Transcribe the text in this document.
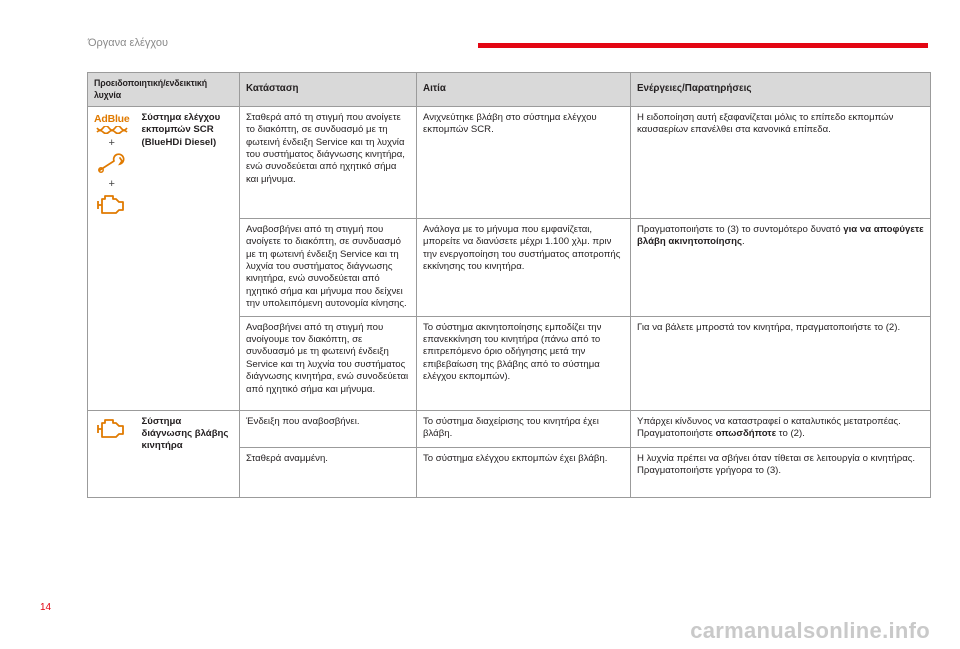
Όργανα ελέγχου
Προειδοποιητική/ενδεικτική λυχνία		Κατάσταση	Αιτία	Ενέργειες/Παρατηρήσεις
AdBlue
+
+	Σύστημα ελέγχου εκπομπών SCR (BlueHDi Diesel)	Σταθερά από τη στιγμή που ανοίγετε το διακόπτη, σε συνδυασμό με τη φωτεινή ένδειξη Service και τη λυχνία του συστήματος διάγνωσης κινητήρα, ενώ συνοδεύεται από ηχητικό σήμα και μήνυμα.	Ανιχνεύτηκε βλάβη στο σύστημα ελέγχου εκπομπών SCR.	Η ειδοποίηση αυτή εξαφανίζεται μόλις το επίπεδο εκπομπών καυσαερίων επανέλθει στα κανονικά επίπεδα.
		Αναβοσβήνει από τη στιγμή που ανοίγετε το διακόπτη, σε συνδυασμό με τη φωτεινή ένδειξη Service και τη λυχνία του συστήματος διάγνωσης κινητήρα, ενώ συνοδεύεται από ηχητικό σήμα και μήνυμα που δείχνει την υπολειπόμενη αυτονομία κίνησης.	Ανάλογα με το μήνυμα που εμφανίζεται, μπορείτε να διανύσετε μέχρι 1.100 χλμ. πριν την ενεργοποίηση του συστήματος αποτροπής εκκίνησης του κινητήρα.	Πραγματοποιήστε το (3) το συντομότερο δυνατό για να αποφύγετε βλάβη ακινητοποίησης.
		Αναβοσβήνει από τη στιγμή που ανοίγουμε τον διακόπτη, σε συνδυασμό με τη φωτεινή ένδειξη Service και τη λυχνία του συστήματος διάγνωσης κινητήρα, ενώ συνοδεύεται από ηχητικό σήμα και μήνυμα.	Το σύστημα ακινητοποίησης εμποδίζει την επανεκκίνηση του κινητήρα (πάνω από το επιτρεπόμενο όριο οδήγησης μετά την επιβεβαίωση της βλάβης από το σύστημα ελέγχου εκπομπών).	Για να βάλετε μπροστά τον κινητήρα, πραγματοποιήστε το (2).

	Σύστημα διάγνωσης βλάβης κινητήρα	Ένδειξη που αναβοσβήνει.	Το σύστημα διαχείρισης του κινητήρα έχει βλάβη.	Υπάρχει κίνδυνος να καταστραφεί ο καταλυτικός μετατροπέας. Πραγματοποιήστε οπωσδήποτε το (2).
		Σταθερά αναμμένη.	Το σύστημα ελέγχου εκπομπών έχει βλάβη.	Η λυχνία πρέπει να σβήνει όταν τίθεται σε λειτουργία ο κινητήρας. Πραγματοποιήστε γρήγορα το (3).
14
carmanualsonline.info
